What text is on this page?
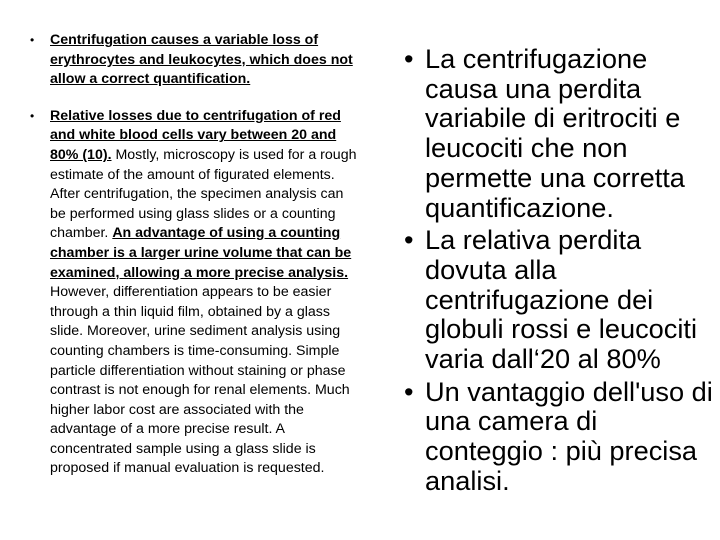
• Centrifugation causes a variable loss of erythrocytes and leukocytes, which does not allow a correct quantification.
• Relative losses due to centrifugation of red and white blood cells vary between 20 and 80% (10). Mostly, microscopy is used for a rough estimate of the amount of figurated elements. After centrifugation, the specimen analysis can be performed using glass slides or a counting chamber. An advantage of using a counting chamber is a larger urine volume that can be examined, allowing a more precise analysis. However, differentiation appears to be easier through a thin liquid film, obtained by a glass slide. Moreover, urine sediment analysis using counting chambers is time-consuming. Simple particle differentiation without staining or phase contrast is not enough for renal elements. Much higher labor cost are associated with the advantage of a more precise result. A concentrated sample using a glass slide is proposed if manual evaluation is requested.
• La centrifugazione causa una perdita variabile di eritrociti e leucociti che non permette una corretta quantificazione.
• La relativa perdita dovuta alla centrifugazione dei globuli rossi e leucociti varia dall‘20 al 80%
• Un vantaggio dell'uso di una camera di conteggio : più precisa analisi.
